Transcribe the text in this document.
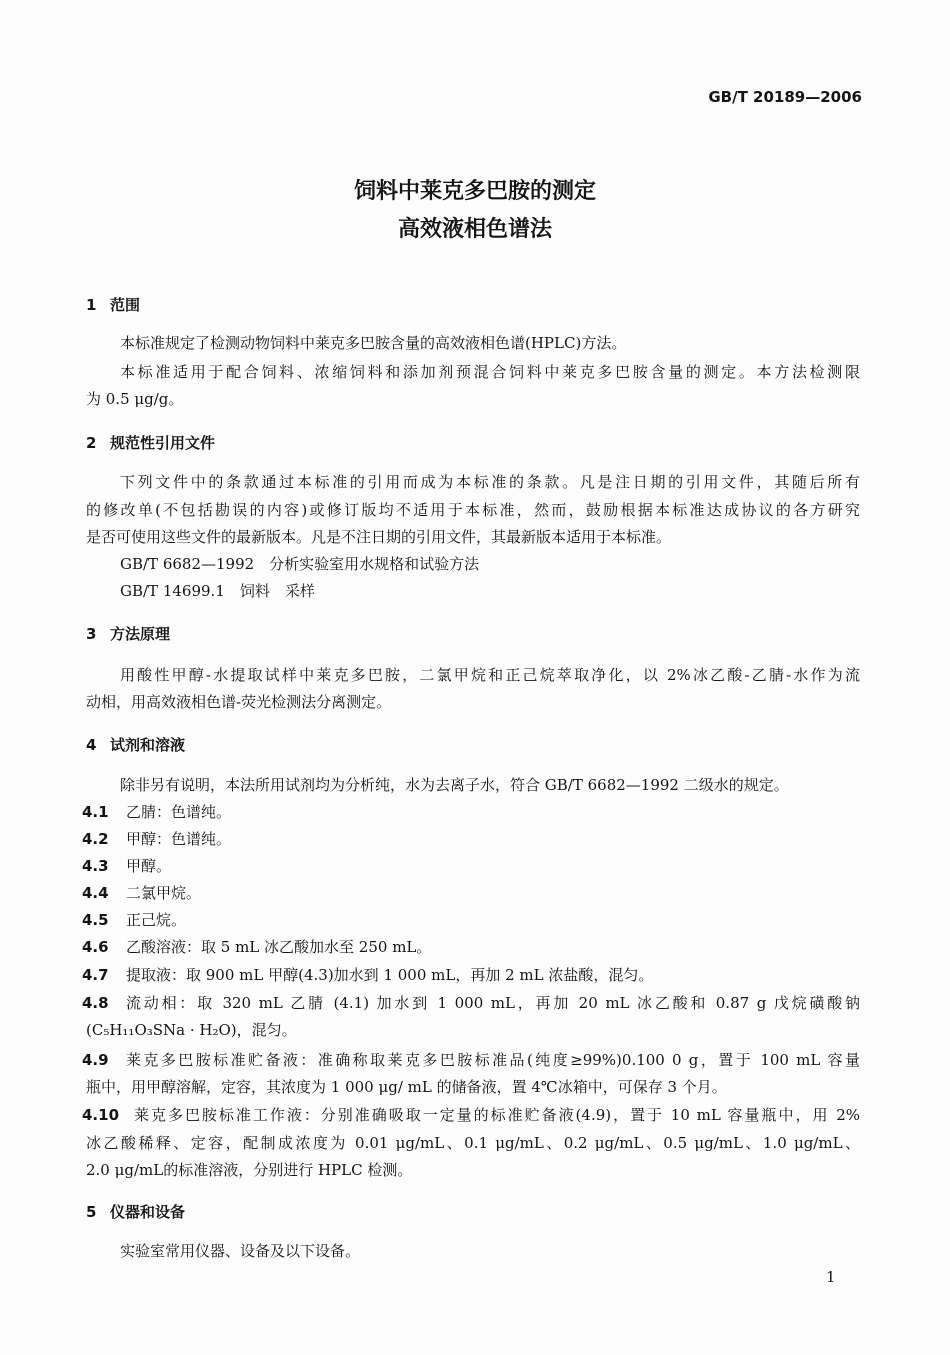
GB/T 20189—2006
饲料中莱克多巴胺的测定
高效液相色谱法
1 范围
本标准规定了检测动物饲料中莱克多巴胺含量的高效液相色谱(HPLC)方法。
本标准适用于配合饲料、浓缩饲料和添加剂预混合饲料中莱克多巴胺含量的测定。本方法检测限
为 0.5 μg/g。
2 规范性引用文件
下列文件中的条款通过本标准的引用而成为本标准的条款。凡是注日期的引用文件，其随后所有
的修改单(不包括勘误的内容)或修订版均不适用于本标准，然而，鼓励根据本标准达成协议的各方研究
是否可使用这些文件的最新版本。凡是不注日期的引用文件，其最新版本适用于本标准。
GB/T 6682—1992　分析实验室用水规格和试验方法
GB/T 14699.1　饲料　采样
3 方法原理
用酸性甲醇-水提取试样中莱克多巴胺，二氯甲烷和正己烷萃取净化，以 2%冰乙酸-乙腈-水作为流
动相，用高效液相色谱-荧光检测法分离测定。
4 试剂和溶液
除非另有说明，本法所用试剂均为分析纯，水为去离子水，符合 GB/T 6682—1992 二级水的规定。
4.1 乙腈：色谱纯。
4.2 甲醇：色谱纯。
4.3 甲醇。
4.4 二氯甲烷。
4.5 正己烷。
4.6 乙酸溶液：取 5 mL 冰乙酸加水至 250 mL。
4.7 提取液：取 900 mL 甲醇(4.3)加水到 1 000 mL，再加 2 mL 浓盐酸，混匀。
4.8 流动相：取 320 mL 乙腈 (4.1) 加水到 1 000 mL，再加 20 mL 冰乙酸和 0.87 g 戊烷磺酸钠
(C₅H₁₁O₃SNa · H₂O)，混匀。
4.9 莱克多巴胺标准贮备液：准确称取莱克多巴胺标准品(纯度≥99%)0.100 0 g，置于 100 mL 容量
瓶中，用甲醇溶解，定容，其浓度为 1 000 μg/ mL 的储备液，置 4℃冰箱中，可保存 3 个月。
4.10 莱克多巴胺标准工作液：分别准确吸取一定量的标准贮备液(4.9)，置于 10 mL 容量瓶中，用 2%
冰乙酸稀释、定容，配制成浓度为 0.01 μg/mL、0.1 μg/mL、0.2 μg/mL、0.5 μg/mL、1.0 μg/mL、
2.0 μg/mL的标准溶液，分别进行 HPLC 检测。
5 仪器和设备
实验室常用仪器、设备及以下设备。
1
